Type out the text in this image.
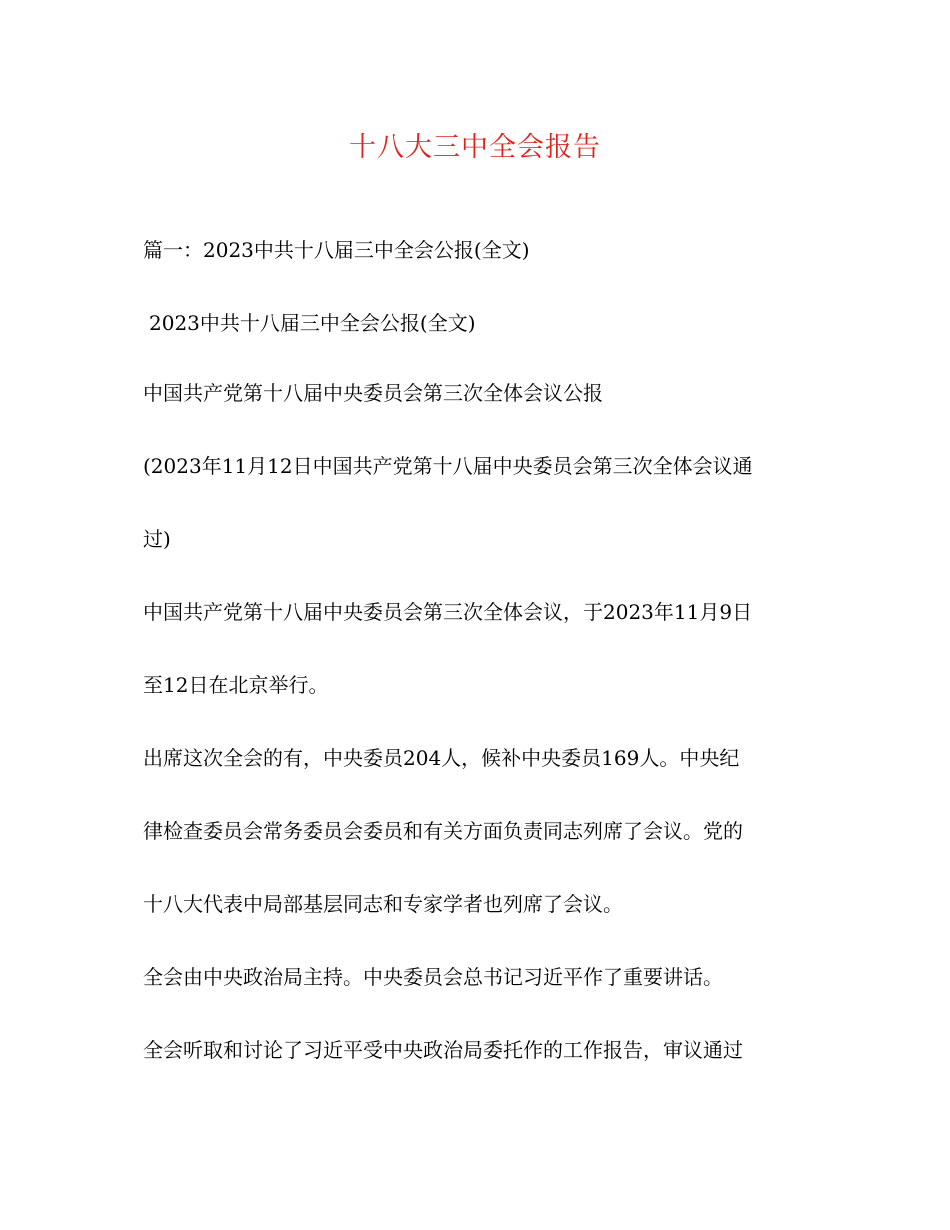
十八大三中全会报告

篇一：2023中共十八届三中全会公报(全文)

2023中共十八届三中全会公报(全文)

中国共产党第十八届中央委员会第三次全体会议公报

(2023年11月12日中国共产党第十八届中央委员会第三次全体会议通

过)

中国共产党第十八届中央委员会第三次全体会议，于2023年11月9日

至12日在北京举行。

出席这次全会的有，中央委员204人，候补中央委员169人。中央纪

律检查委员会常务委员会委员和有关方面负责同志列席了会议。党的

十八大代表中局部基层同志和专家学者也列席了会议。

全会由中央政治局主持。中央委员会总书记习近平作了重要讲话。

全会听取和讨论了习近平受中央政治局委托作的工作报告，审议通过
